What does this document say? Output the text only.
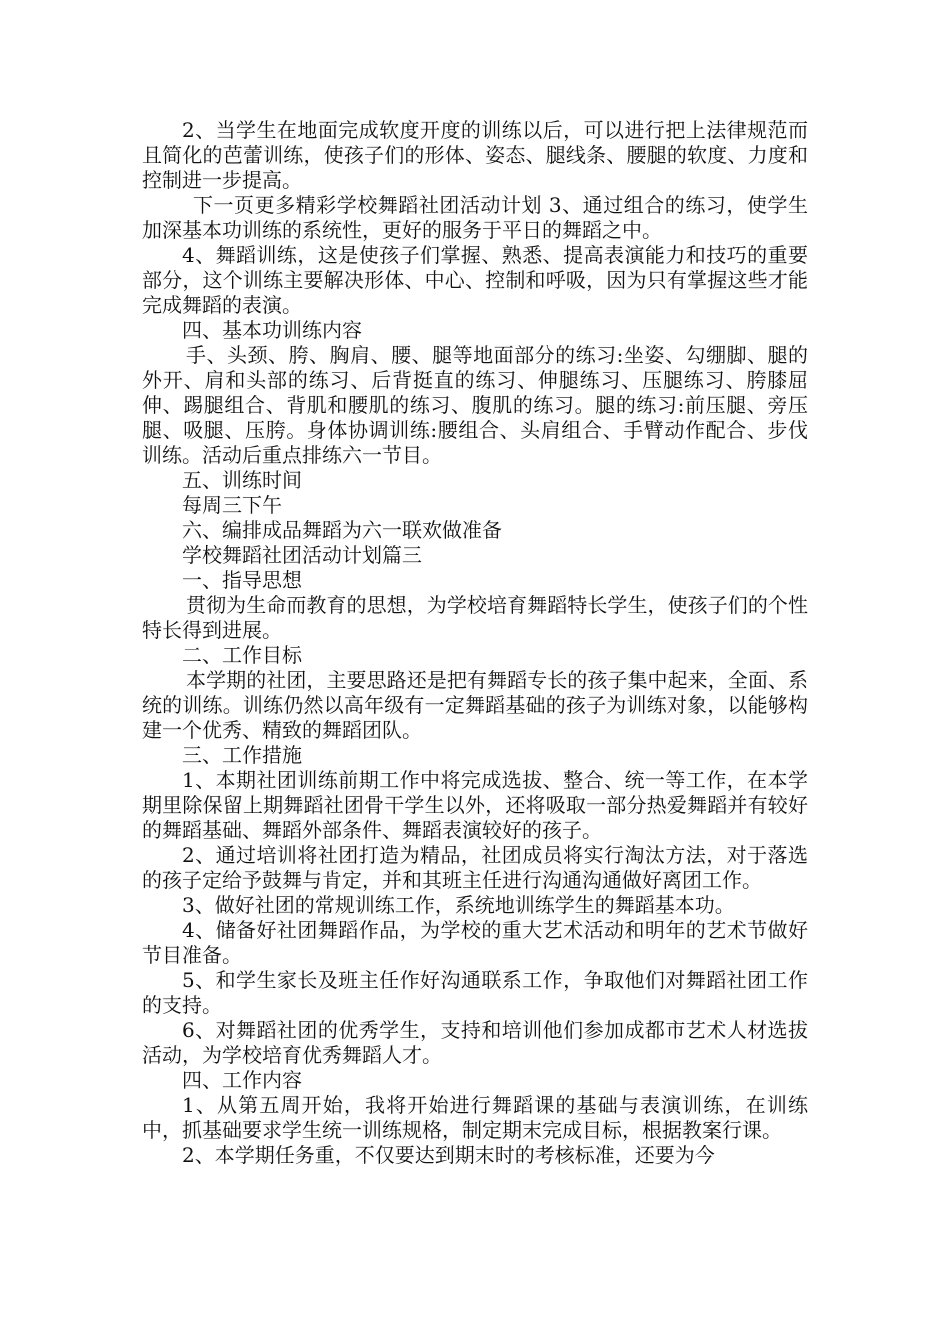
2、当学生在地面完成软度开度的训练以后，可以进行把上法律规范而且简化的芭蕾训练，使孩子们的形体、姿态、腿线条、腰腿的软度、力度和控制进一步提高。

下一页更多精彩学校舞蹈社团活动计划 3、通过组合的练习，使学生加深基本功训练的系统性，更好的服务于平日的舞蹈之中。

4、舞蹈训练，这是使孩子们掌握、熟悉、提高表演能力和技巧的重要部分，这个训练主要解决形体、中心、控制和呼吸，因为只有掌握这些才能完成舞蹈的表演。

四、基本功训练内容

手、头颈、胯、胸肩、腰、腿等地面部分的练习:坐姿、勾绷脚、腿的外开、肩和头部的练习、后背挺直的练习、伸腿练习、压腿练习、胯膝屈伸、踢腿组合、背肌和腰肌的练习、腹肌的练习。腿的练习:前压腿、旁压腿、吸腿、压胯。身体协调训练:腰组合、头肩组合、手臂动作配合、步伐训练。活动后重点排练六一节目。

五、训练时间

每周三下午

六、编排成品舞蹈为六一联欢做准备

学校舞蹈社团活动计划篇三

一、指导思想

贯彻为生命而教育的思想，为学校培育舞蹈特长学生，使孩子们的个性特长得到进展。

二、工作目标

本学期的社团，主要思路还是把有舞蹈专长的孩子集中起来，全面、系统的训练。训练仍然以高年级有一定舞蹈基础的孩子为训练对象，以能够构建一个优秀、精致的舞蹈团队。

三、工作措施

1、本期社团训练前期工作中将完成选拔、整合、统一等工作，在本学期里除保留上期舞蹈社团骨干学生以外，还将吸取一部分热爱舞蹈并有较好的舞蹈基础、舞蹈外部条件、舞蹈表演较好的孩子。

2、通过培训将社团打造为精品，社团成员将实行淘汰方法，对于落选的孩子定给予鼓舞与肯定，并和其班主任进行沟通沟通做好离团工作。

3、做好社团的常规训练工作，系统地训练学生的舞蹈基本功。

4、储备好社团舞蹈作品，为学校的重大艺术活动和明年的艺术节做好节目准备。

5、和学生家长及班主任作好沟通联系工作，争取他们对舞蹈社团工作的支持。

6、对舞蹈社团的优秀学生，支持和培训他们参加成都市艺术人材选拔活动，为学校培育优秀舞蹈人才。

四、工作内容

1、从第五周开始，我将开始进行舞蹈课的基础与表演训练，在训练中，抓基础要求学生统一训练规格，制定期末完成目标，根据教案行课。

2、本学期任务重，不仅要达到期末时的考核标准，还要为今
